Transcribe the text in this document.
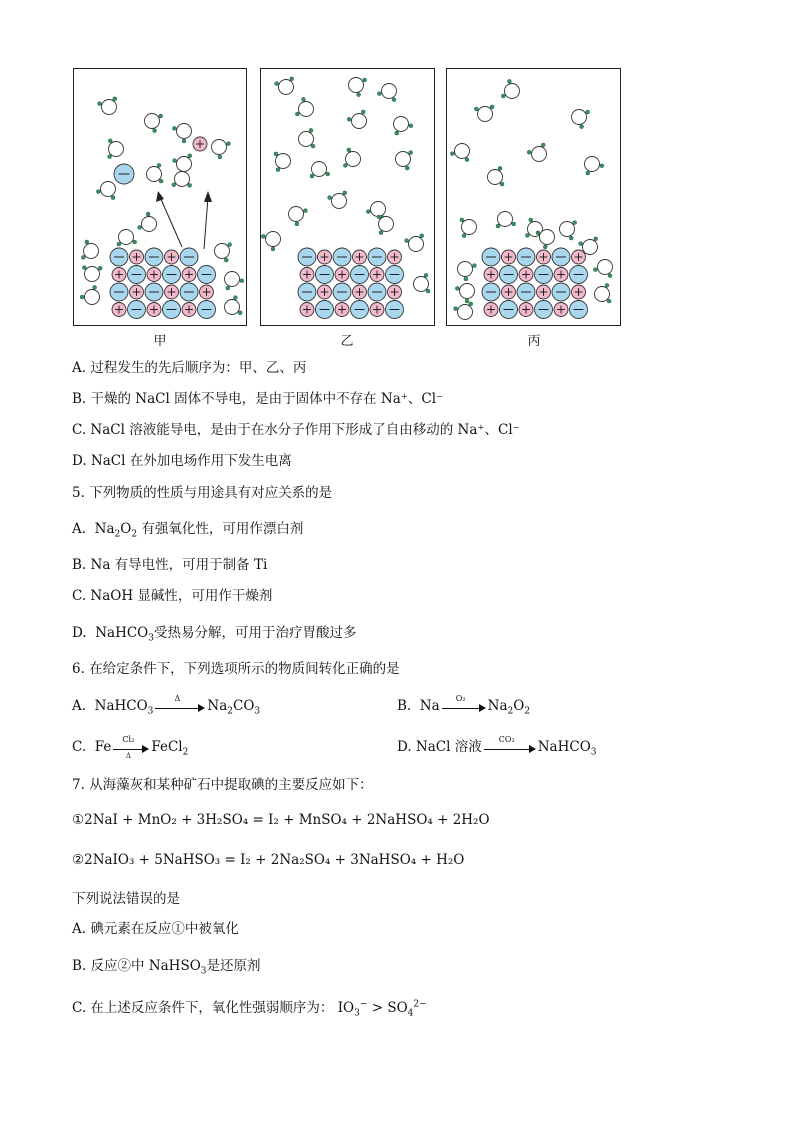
甲	乙	丙
A. 过程发生的先后顺序为：甲、乙、丙
B. 干燥的 NaCl 固体不导电，是由于固体中不存在 Na⁺、Cl⁻
C. NaCl 溶液能导电，是由于在水分子作用下形成了自由移动的 Na⁺、Cl⁻
D. NaCl 在外加电场作用下发生电离
5. 下列物质的性质与用途具有对应关系的是
A.  $Na_2O_2$ 有强氧化性，可用作漂白剂
B. Na 有导电性，可用于制备 Ti
C. NaOH 显碱性，可用作干燥剂
D.  NaHCO$_3$受热易分解，可用于治疗胃酸过多
6. 在给定条件下，下列选项所示的物质间转化正确的是
A.  NaHCO$_3$
Δ	$Na_2CO_3$	B.  Na	O₂	$Na_2O_2$
C.  Fe $\frac{\text{Cl₂}}{\Delta}$ FeCl$_2$	D. NaCl 溶液	CO₂	NaHCO$_3$
7. 从海藻灰和某种矿石中提取碘的主要反应如下：
①2NaI + MnO₂ + 3H₂SO₄ = I₂ + MnSO₄ + 2NaHSO₄ + 2H₂O
②2NaIO₃ + 5NaHSO₃ = I₂ + 2Na₂SO₄ + 3NaHSO₄ + H₂O
下列说法错误的是
A. 碘元素在反应①中被氧化
B. 反应②中 NaHSO$_3$是还原剂
C. 在上述反应条件下，氧化性强弱顺序为： $IO_3^- > SO_4^{2-}$
